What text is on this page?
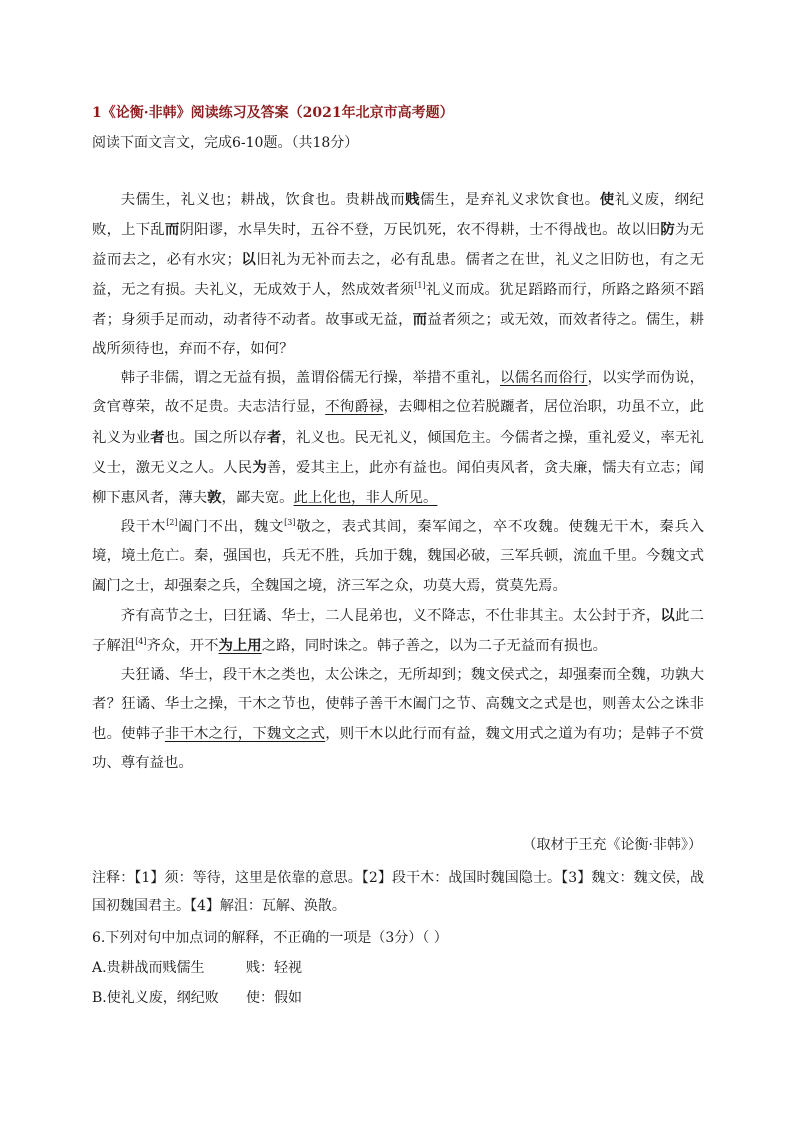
1《论衡·非韩》阅读练习及答案（2021年北京市高考题）
阅读下面文言文，完成6-10题。（共18分）

夫儒生，礼义也；耕战，饮食也。贵耕战而贱儒生，是弃礼义求饮食也。使礼义废，纲纪败，上下乱而阴阳谬，水旱失时，五谷不登，万民饥死，农不得耕，士不得战也。故以旧防为无益而去之，必有水灾；以旧礼为无补而去之，必有乱患。儒者之在世，礼义之旧防也，有之无益，无之有损。夫礼义，无成效于人，然成效者须[1]礼义而成。犹足蹈路而行，所路之路须不蹈者；身须手足而动，动者待不动者。故事或无益，而益者须之；或无效，而效者待之。儒生，耕战所须待也，弃而不存，如何？

韩子非儒，谓之无益有损，盖谓俗儒无行操，举措不重礼，以儒名而俗行，以实学而伪说，贪官尊荣，故不足贵。夫志洁行显，不徇爵禄，去卿相之位若脱躧者，居位治职，功虽不立，此礼义为业者也。国之所以存者，礼义也。民无礼义，倾国危主。今儒者之操，重礼爱义，率无礼义士，激无义之人。人民为善，爱其主上，此亦有益也。闻伯夷风者，贪夫廉，懦夫有立志；闻柳下惠风者，薄夫敦，鄙夫宽。此上化也，非人所见。

段干木[2]阖门不出，魏文[3]敬之，表式其闾，秦军闻之，卒不攻魏。使魏无干木，秦兵入境，境土危亡。秦，强国也，兵无不胜，兵加于魏，魏国必破，三军兵顿，流血千里。今魏文式阖门之士，却强秦之兵，全魏国之境，济三军之众，功莫大焉，赏莫先焉。

齐有高节之士，曰狂谲、华士，二人昆弟也，义不降志，不仕非其主。太公封于齐，以此二子解沮[4]齐众，开不为上用之路，同时诛之。韩子善之，以为二子无益而有损也。

夫狂谲、华士，段干木之类也，太公诛之，无所却到；魏文侯式之，却强秦而全魏，功孰大者？狂谲、华士之操，干木之节也，使韩子善干木阖门之节、高魏文之式是也，则善太公之诛非也。使韩子非干木之行，下魏文之式，则干木以此行而有益，魏文用式之道为有功；是韩子不赏功、尊有益也。

（取材于王充《论衡·非韩》）
注释：【1】须：等待，这里是依靠的意思。【2】段干木：战国时魏国隐士。【3】魏文：魏文侯，战国初魏国君主。【4】解沮：瓦解、涣散。
6.下列对句中加点词的解释，不正确的一项是（3分）（ ）
A.贵耕战而贱儒生	贱：轻视
B.使礼义废，纲纪败 使：假如
